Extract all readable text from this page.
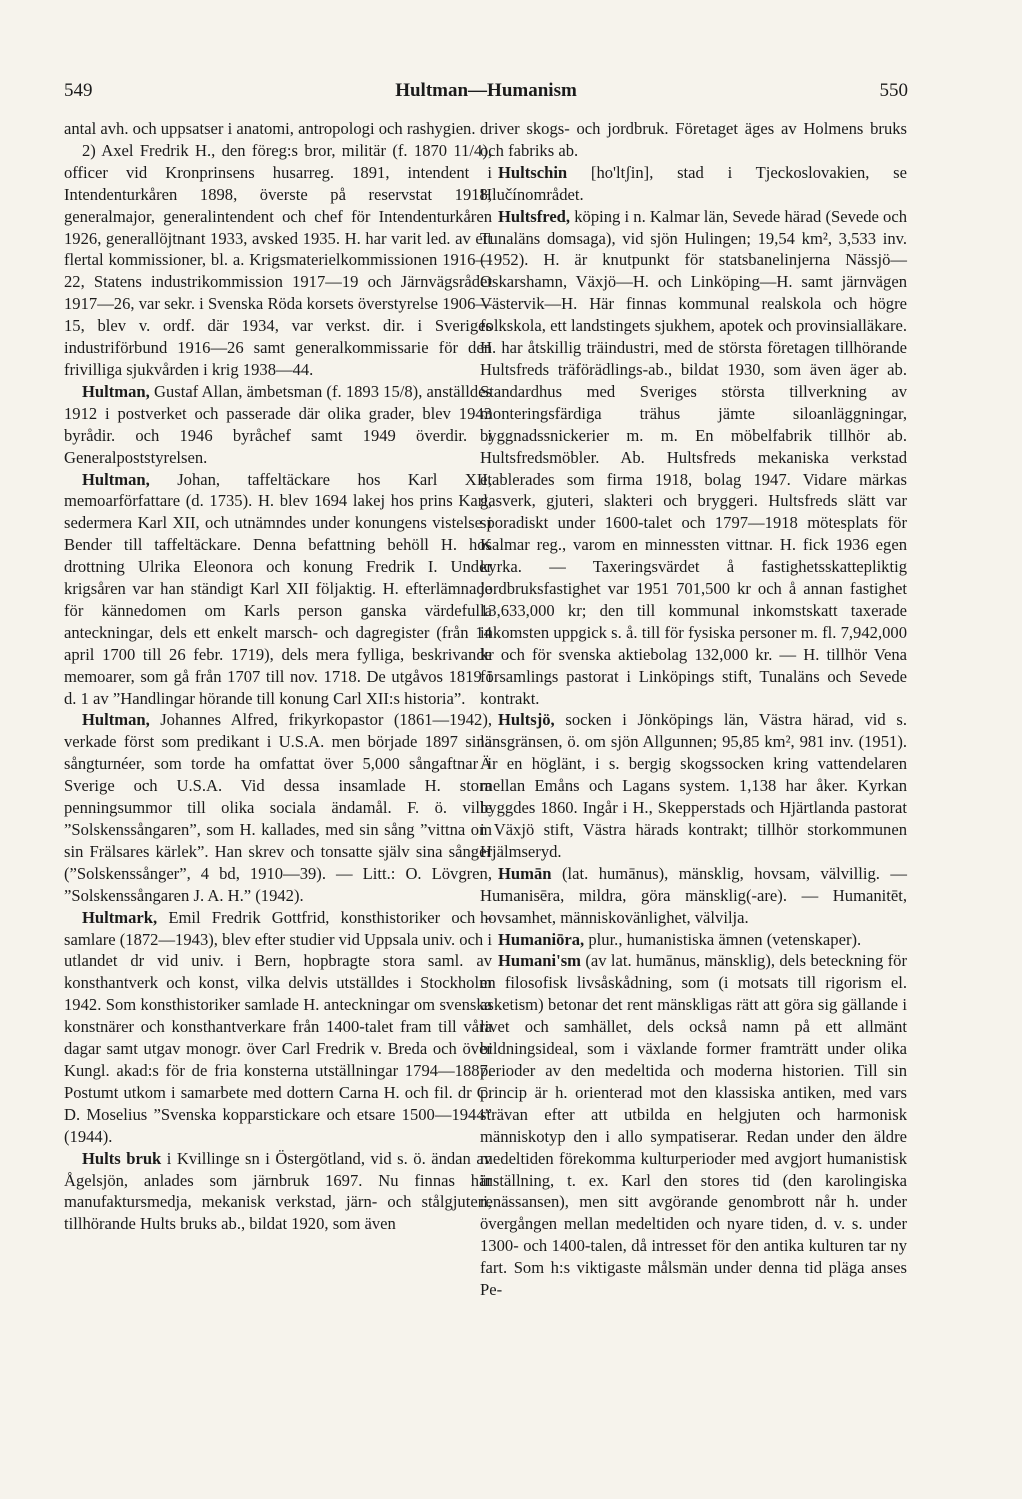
549	Hultman—Humanism	550

antal avh. och uppsatser i anatomi, antropologi och rashygien.

2) Axel Fredrik H., den föreg:s bror, militär (f. 1870 11/4), officer vid Kronprinsens husarreg. 1891, intendent i Intendenturkåren 1898, överste på reservstat 1918, generalmajor, generalintendent och chef för Intendenturkåren 1926, generallöjtnant 1933, avsked 1935. H. har varit led. av ett flertal kommissioner, bl. a. Krigsmaterielkommissionen 1916—22, Statens industrikommission 1917—19 och Järnvägsrådet 1917—26, var sekr. i Svenska Röda korsets överstyrelse 1906—15, blev v. ordf. där 1934, var verkst. dir. i Sveriges industriförbund 1916—26 samt generalkommissarie för den frivilliga sjukvården i krig 1938—44.

Hultman, Gustaf Allan, ämbetsman (f. 1893 15/8), anställdes 1912 i postverket och passerade där olika grader, blev 1943 byrådir. och 1946 byråchef samt 1949 överdir. i Generalpoststyrelsen.

Hultman, Johan, taffeltäckare hos Karl XII, memoarförfattare (d. 1735). H. blev 1694 lakej hos prins Karl, sedermera Karl XII, och utnämndes under konungens vistelse i Bender till taffeltäckare. Denna befattning behöll H. hos drottning Ulrika Eleonora och konung Fredrik I. Under krigsåren var han ständigt Karl XII följaktig. H. efterlämnade för kännedomen om Karls person ganska värdefulla anteckningar, dels ett enkelt marsch- och dagregister (från 14 april 1700 till 26 febr. 1719), dels mera fylliga, beskrivande memoarer, som gå från 1707 till nov. 1718. De utgåvos 1819 i d. 1 av ”Handlingar hörande till konung Carl XII:s historia”.

Hultman, Johannes Alfred, frikyrkopastor (1861—1942), verkade först som predikant i U.S.A. men började 1897 sina sångturnéer, som torde ha omfattat över 5,000 sångaftnar i Sverige och U.S.A. Vid dessa insamlade H. stora penningsummor till olika sociala ändamål. F. ö. ville ”Solskenssångaren”, som H. kallades, med sin sång ”vittna om sin Frälsares kärlek”. Han skrev och tonsatte själv sina sånger (”Solskenssånger”, 4 bd, 1910—39). — Litt.: O. Lövgren, ”Solskenssångaren J. A. H.” (1942).

Hultmark, Emil Fredrik Gottfrid, konsthistoriker och -samlare (1872—1943), blev efter studier vid Uppsala univ. och i utlandet dr vid univ. i Bern, hopbragte stora saml. av konsthantverk och konst, vilka delvis utställdes i Stockholm 1942. Som konsthistoriker samlade H. anteckningar om svenska konstnärer och konsthantverkare från 1400-talet fram till våra dagar samt utgav monogr. över Carl Fredrik v. Breda och över Kungl. akad:s för de fria konsterna utställningar 1794—1887. Postumt utkom i samarbete med dottern Carna H. och fil. dr C. D. Moselius ”Svenska kopparstickare och etsare 1500—1944” (1944).

Hults bruk i Kvillinge sn i Östergötland, vid s. ö. ändan av Ågelsjön, anlades som järnbruk 1697. Nu finnas här manufaktursmedja, mekanisk verkstad, järn- och stålgjuteri, tillhörande Hults bruks ab., bildat 1920, som även

driver skogs- och jordbruk. Företaget äges av Holmens bruks och fabriks ab.

Hultschin [ho'ltʃin], stad i Tjeckoslovakien, se Hlučínområdet.

Hultsfred, köping i n. Kalmar län, Sevede härad (Sevede och Tunaläns domsaga), vid sjön Hulingen; 19,54 km², 3,533 inv. (1952). H. är knutpunkt för statsbanelinjerna Nässjö—Oskarshamn, Växjö—H. och Linköping—H. samt järnvägen Västervik—H. Här finnas kommunal realskola och högre folkskola, ett landstingets sjukhem, apotek och provinsialläkare. H. har åtskillig träindustri, med de största företagen tillhörande Hultsfreds träförädlings-ab., bildat 1930, som även äger ab. Standardhus med Sveriges största tillverkning av monteringsfärdiga trähus jämte siloanläggningar, byggnadssnickerier m. m. En möbelfabrik tillhör ab. Hultsfredsmöbler. Ab. Hultsfreds mekaniska verkstad etablerades som firma 1918, bolag 1947. Vidare märkas gasverk, gjuteri, slakteri och bryggeri. Hultsfreds slätt var sporadiskt under 1600-talet och 1797—1918 mötesplats för Kalmar reg., varom en minnessten vittnar. H. fick 1936 egen kyrka. — Taxeringsvärdet å fastighetsskattepliktig jordbruksfastighet var 1951 701,500 kr och å annan fastighet 13,633,000 kr; den till kommunal inkomstskatt taxerade inkomsten uppgick s. å. till för fysiska personer m. fl. 7,942,000 kr och för svenska aktiebolag 132,000 kr. — H. tillhör Vena församlings pastorat i Linköpings stift, Tunaläns och Sevede kontrakt.

Hultsjö, socken i Jönköpings län, Västra härad, vid s. länsgränsen, ö. om sjön Allgunnen; 95,85 km², 981 inv. (1951). Är en höglänt, i s. bergig skogssocken kring vattendelaren mellan Emåns och Lagans system. 1,138 har åker. Kyrkan byggdes 1860. Ingår i H., Skepperstads och Hjärtlanda pastorat i Växjö stift, Västra härads kontrakt; tillhör storkommunen Hjälmseryd.

Humān (lat. humānus), mänsklig, hovsam, välvillig. — Humanisēra, mildra, göra mänsklig(-are). — Humanitēt, hovsamhet, människovänlighet, välvilja.

Humaniōra, plur., humanistiska ämnen (vetenskaper).

Humani'sm (av lat. humānus, mänsklig), dels beteckning för en filosofisk livsåskådning, som (i motsats till rigorism el. asketism) betonar det rent mänskligas rätt att göra sig gällande i livet och samhället, dels också namn på ett allmänt bildningsideal, som i växlande former framträtt under olika perioder av den medeltida och moderna historien. Till sin princip är h. orienterad mot den klassiska antiken, med vars strävan efter att utbilda en helgjuten och harmonisk människotyp den i allo sympatiserar. Redan under den äldre medeltiden förekomma kulturperioder med avgjort humanistisk inställning, t. ex. Karl den stores tid (den karolingiska renässansen), men sitt avgörande genombrott når h. under övergången mellan medeltiden och nyare tiden, d. v. s. under 1300- och 1400-talen, då intresset för den antika kulturen tar ny fart. Som h:s viktigaste målsmän under denna tid pläga anses Pe-
